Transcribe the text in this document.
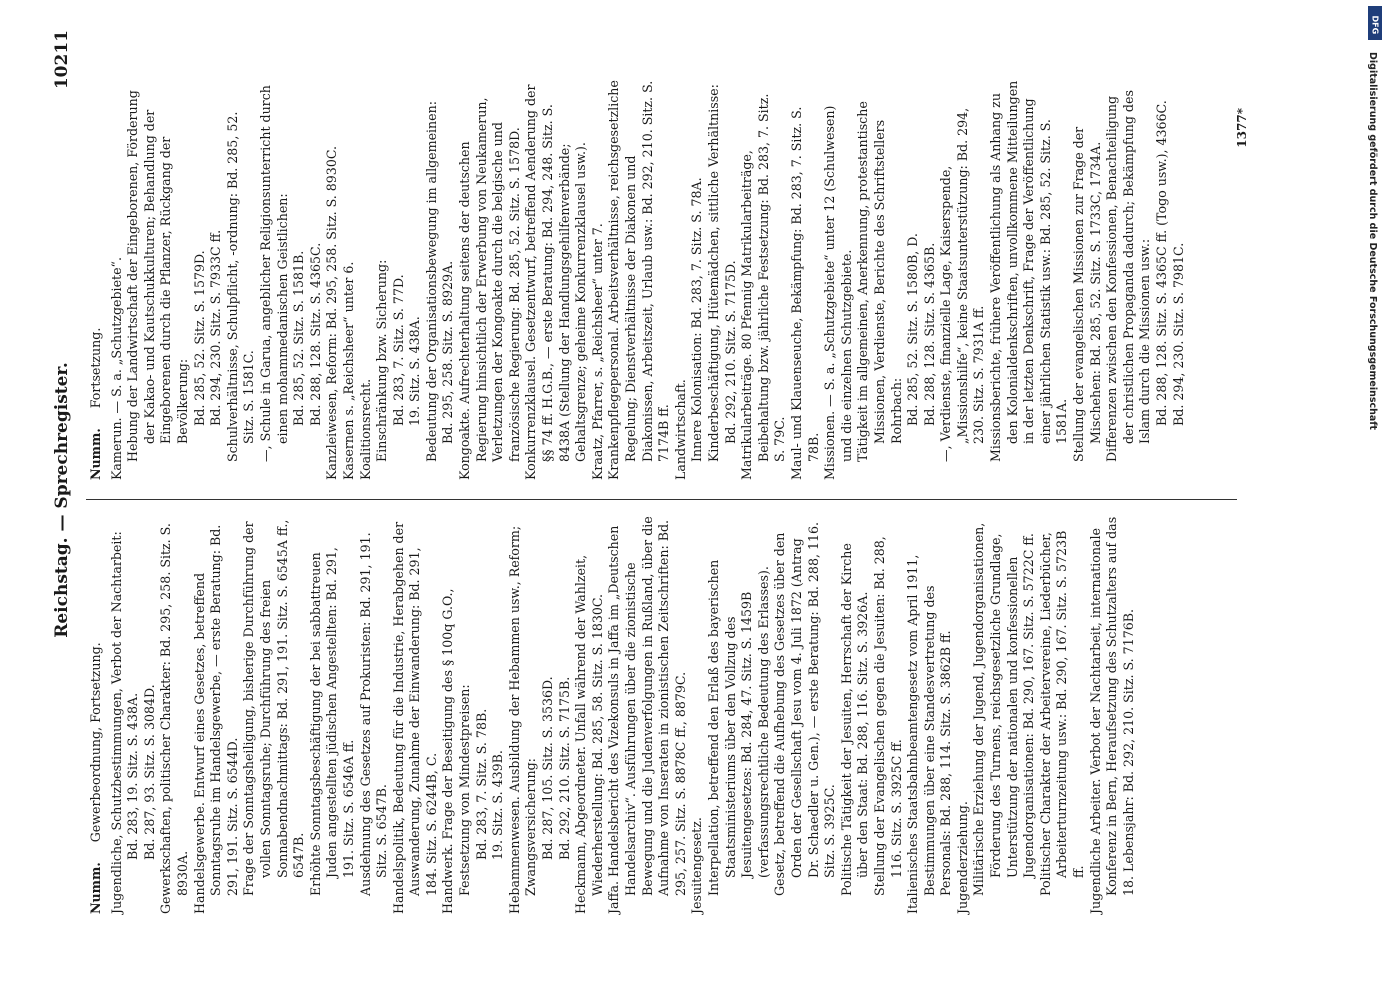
Reichstag. — Sprechregister.
10211
Numm. Gewerbeordnung, Fortsetzung. Jugendliche, Schutzbestimmungen, Verbot der Nachtarbeit: Bd. 283, 19. Sitz. S. 438A. Bd. 287, 93. Sitz. S. 3084D. Gewerkschaften, politischer Charakter: Bd. 295, 258. Sitz. S. 8930A. Handelsgewerbe. Entwurf eines Gesetzes, betreffend Sonntagsruhe im Handelsgewerbe, — erste Beratung: Bd. 291, 191. Sitz. S. 6544D. Frage der Sonntagsheiligung, bisherige Durchführung der vollen Sonntagsruhe; Durchführung des freien Sonnabendnachmittags: Bd. 291, 191. Sitz. S. 6545A ff., 6547B. Erhöhte Sonntagsbeschäftigung der bei sabbattreuen Juden angestellten jüdischen Angestellten: Bd. 291, 191. Sitz. S. 6546A ff. Ausdehnung des Gesetzes auf Prokuristen: Bd. 291, 191. Sitz. S. 6547B. Handelspolitik, Bedeutung für die Industrie, Herabgehen der Auswanderung, Zunahme der Einwanderung: Bd. 291, 184. Sitz. S. 6244B, C. Handwerk. Frage der Beseitigung des § 100q G.O., Festsetzung von Mindestpreisen: Bd. 283, 7. Sitz. S. 78B. 19. Sitz. S. 439B. Hebammenwesen. Ausbildung der Hebammen usw., Reform; Zwangsversicherung: Bd. 287, 105. Sitz. S. 3536D. Bd. 292, 210. Sitz. S. 7175B. Heckmann, Abgeordneter. Unfall während der Wahlzeit, Wiederherstellung: Bd. 285, 58. Sitz. S. 1830C. Jaffa. Handelsbericht des Vizekonsuls in Jaffa im „Deutschen Handelsarchiv“. Ausführungen über die zionistische Bewegung und die Judenverfolgungen in Rußland, über die Aufnahme von Inseraten in zionistischen Zeitschriften: Bd. 295, 257. Sitz. S. 8878C ff., 8879C. Jesuitengesetz. Interpellation, betreffend den Erlaß des bayerischen Staatsministeriums über den Vollzug des Jesuitengesetzes: Bd. 284, 47. Sitz. S. 1459B (verfassungsrechtliche Bedeutung des Erlasses). Gesetz, betreffend die Aufhebung des Gesetzes über den Orden der Gesellschaft Jesu vom 4. Juli 1872 (Antrag Dr. Schaedler u. Gen.), — erste Beratung: Bd. 288, 116. Sitz. S. 3925C. Politische Tätigkeit der Jesuiten, Herrschaft der Kirche über den Staat: Bd. 288, 116. Sitz. S. 3926A. Stellung der Evangelischen gegen die Jesuiten: Bd. 288, 116. Sitz. S. 3925C ff. Italienisches Staatsbahnbeamtengesetz vom April 1911, Bestimmungen über eine Standesvertretung des Personals: Bd. 288, 114. Sitz. S. 3862B ff. Jugenderziehung. Militärische Erziehung der Jugend, Jugendorganisationen, Förderung des Turnens, reichsgesetzliche Grundlage, Unterstützung der nationalen und konfessionellen Jugendorganisationen: Bd. 290, 167. Sitz. S. 5722C ff. Politischer Charakter der Arbeitervereine, Liederbücher, Arbeiterturnzeitung usw.: Bd. 290, 167. Sitz. S. 5723B ff. Jugendliche Arbeiter. Verbot der Nachtarbeit, internationale Konferenz in Bern, Heraufsetzung des Schutzalters auf das 18. Lebensjahr: Bd. 292, 210. Sitz. S. 7176B.

Numm. Fortsetzung. Kamerun. — S. a. „Schutzgebiete“. Hebung der Landwirtschaft der Eingeborenen, Förderung der Kakao- und Kautschukkulturen; Behandlung der Eingeborenen durch die Pflanzer, Rückgang der Bevölkerung: Bd. 285, 52. Sitz. S. 1579D. Bd. 294, 230. Sitz. S. 7933C ff. Schulverhältnisse, Schulpflicht, -ordnung: Bd. 285, 52. Sitz. S. 1581C. —, Schule in Garua, angeblicher Religionsunterricht durch einen mohammedanischen Geistlichen: Bd. 285, 52. Sitz. S. 1581B. Bd. 288, 128. Sitz. S. 4365C. Kanzleiwesen, Reform: Bd. 295, 258. Sitz. S. 8930C. Kasernen s. „Reichsheer“ unter 6. Koalitionsrecht. Einschränkung bzw. Sicherung: Bd. 283, 7. Sitz. S. 77D. 19. Sitz. S. 438A. Bedeutung der Organisationsbewegung im allgemeinen: Bd. 295, 258. Sitz. S. 8929A. Kongoakte. Aufrechterhaltung seitens der deutschen Regierung hinsichtlich der Erwerbung von Neukamerun, Verletzungen der Kongoakte durch die belgische und französische Regierung: Bd. 285, 52. Sitz. S. 1578D. Konkurrenzklausel. Gesetzentwurf, betreffend Aenderung der §§ 74 ff. H.G.B., — erste Beratung: Bd. 294, 248. Sitz. S. 8438A (Stellung der Handlungsgehilfenverbände; Gehaltsgrenze; geheime Konkurrenzklausel usw.). Kraatz, Pfarrer, s. „Reichsheer“ unter 7. Krankenpflegepersonal. Arbeitsverhältnisse, reichsgesetzliche Regelung; Dienstverhältnisse der Diakonen und Diakonissen, Arbeitszeit, Urlaub usw.: Bd. 292, 210. Sitz. S. 7174B ff. Landwirtschaft. Innere Kolonisation: Bd. 283, 7. Sitz. S. 78A. Kinderbeschäftigung, Hütemädchen, sittliche Verhältnisse: Bd. 292, 210. Sitz. S. 7175D. Matrikularbeiträge. 80 Pfennig Matrikularbeiträge, Beibehaltung bzw. jährliche Festsetzung: Bd. 283, 7. Sitz. S. 79C. Maul- und Klauenseuche, Bekämpfung: Bd. 283, 7. Sitz. S. 78B. Missionen. — S. a. „Schutzgebiete“ unter 12 (Schulwesen) und die einzelnen Schutzgebiete. Tätigkeit im allgemeinen, Anerkennung, protestantische Missionen, Verdienste, Berichte des Schriftstellers Rohrbach: Bd. 285, 52. Sitz. S. 1580B, D. Bd. 288, 128. Sitz. S. 4365B. —, Verdienste, finanzielle Lage, Kaiserspende, „Missionshilfe“, keine Staatsunterstützung: Bd. 294, 230. Sitz. S. 7931A ff. Missionsberichte, frühere Veröffentlichung als Anhang zu den Kolonialdenkschriften, unvollkommene Mitteilungen in der letzten Denkschrift, Frage der Veröffentlichung einer jährlichen Statistik usw.: Bd. 285, 52. Sitz. S. 1581A. Stellung der evangelischen Missionen zur Frage der Mischehen: Bd. 285, 52. Sitz. S. 1733C, 1734A. Differenzen zwischen den Konfessionen, Benachteiligung der christlichen Propaganda dadurch; Bekämpfung des Islam durch die Missionen usw.: Bd. 288, 128. Sitz. S. 4365C ff. (Togo usw.), 4366C. Bd. 294, 230. Sitz. S. 7981C.

1377*
DFG
Digitalisierung gefördert durch die Deutsche Forschungsgemeinschaft
